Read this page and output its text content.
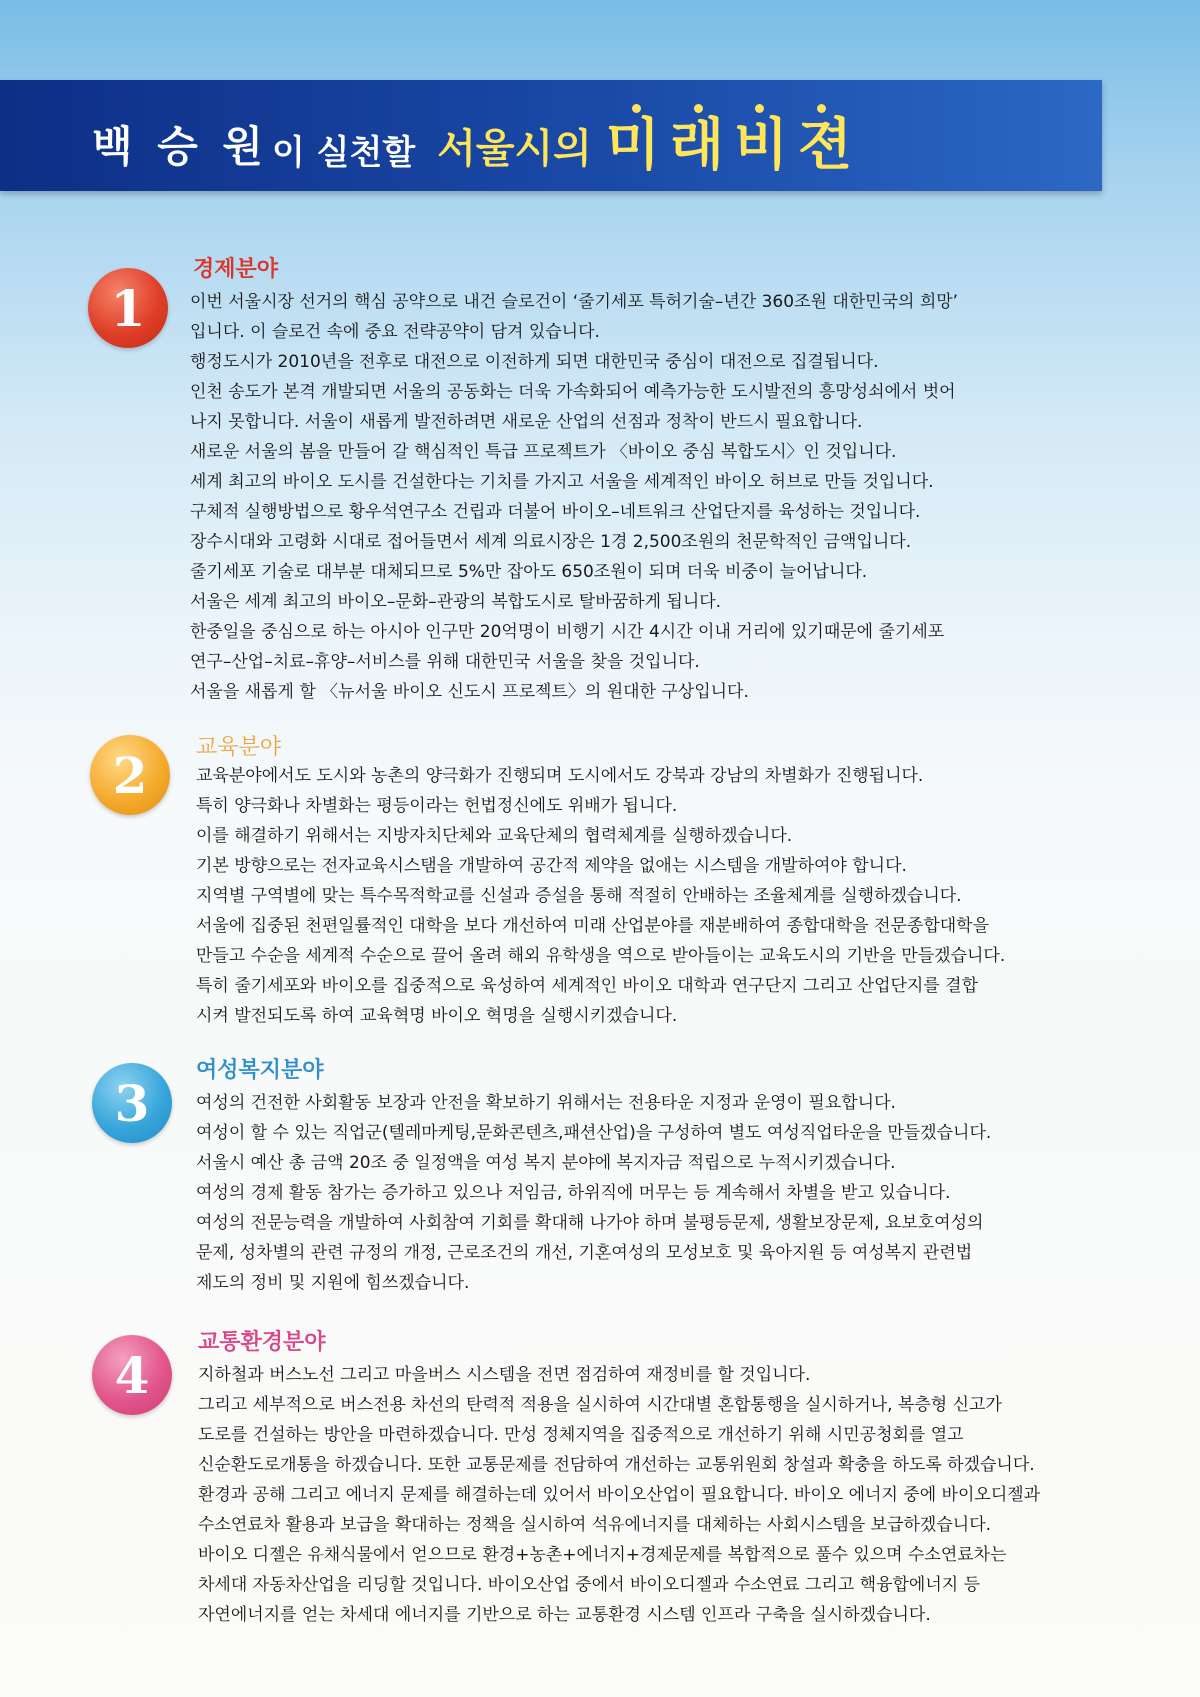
백 승 원 이 실천할 서울시의 미래비젼
1
경제분야
이번 서울시장 선거의 핵심 공약으로 내건 슬로건이 ‘줄기세포 특허기술–년간 360조원 대한민국의 희망’
입니다. 이 슬로건 속에 중요 전략공약이 담겨 있습니다.
행정도시가 2010년을 전후로 대전으로 이전하게 되면 대한민국 중심이 대전으로 집결됩니다.
인천 송도가 본격 개발되면 서울의 공동화는 더욱 가속화되어 예측가능한 도시발전의 흥망성쇠에서 벗어
나지 못합니다. 서울이 새롭게 발전하려면 새로운 산업의 선점과 정착이 반드시 필요합니다.
새로운 서울의 봄을 만들어 갈 핵심적인 특급 프로젝트가 〈바이오 중심 복합도시〉인 것입니다.
세계 최고의 바이오 도시를 건설한다는 기치를 가지고 서울을 세계적인 바이오 허브로 만들 것입니다.
구체적 실행방법으로 황우석연구소 건립과 더불어 바이오–네트워크 산업단지를 육성하는 것입니다.
장수시대와 고령화 시대로 접어들면서 세계 의료시장은 1경 2,500조원의 천문학적인 금액입니다.
줄기세포 기술로 대부분 대체되므로 5%만 잡아도 650조원이 되며 더욱 비중이 늘어납니다.
서울은 세계 최고의 바이오–문화–관광의 복합도시로 탈바꿈하게 됩니다.
한중일을 중심으로 하는 아시아 인구만 20억명이 비행기 시간 4시간 이내 거리에 있기때문에 줄기세포
연구–산업–치료–휴양–서비스를 위해 대한민국 서울을 찾을 것입니다.
서울을 새롭게 할 〈뉴서울 바이오 신도시 프로젝트〉의 원대한 구상입니다.
2	교육분야
교육분야에서도 도시와 농촌의 양극화가 진행되며 도시에서도 강북과 강남의 차별화가 진행됩니다.
특히 양극화나 차별화는 평등이라는 헌법정신에도 위배가 됩니다.
이를 해결하기 위해서는 지방자치단체와 교육단체의 협력체계를 실행하겠습니다.
기본 방향으로는 전자교육시스탬을 개발하여 공간적 제약을 없애는 시스템을 개발하여야 합니다.
지역별 구역별에 맞는 특수목적학교를 신설과 증설을 통해 적절히 안배하는 조율체계를 실행하겠습니다.
서울에 집중된 천편일률적인 대학을 보다 개선하여 미래 산업분야를 재분배하여 종합대학을 전문종합대학을
만들고 수순을 세계적 수순으로 끌어 올려 해외 유학생을 역으로 받아들이는 교육도시의 기반을 만들겠습니다.
특히 줄기세포와 바이오를 집중적으로 육성하여 세계적인 바이오 대학과 연구단지 그리고 산업단지를 결합
시켜 발전되도록 하여 교육혁명 바이오 혁명을 실행시키겠습니다.
3
여성복지분야
여성의 건전한 사회활동 보장과 안전을 확보하기 위해서는 전용타운 지정과 운영이 필요합니다.
여성이 할 수 있는 직업군(텔레마케팅,문화콘텐츠,패션산업)을 구성하여 별도 여성직업타운을 만들겠습니다.
서울시 예산 총 금액 20조 중 일정액을 여성 복지 분야에 복지자금 적립으로 누적시키겠습니다.
여성의 경제 활동 참가는 증가하고 있으나 저임금, 하위직에 머무는 등 계속해서 차별을 받고 있습니다.
여성의 전문능력을 개발하여 사회참여 기회를 확대해 나가야 하며 불평등문제, 생활보장문제, 요보호여성의
문제, 성차별의 관련 규정의 개정, 근로조건의 개선, 기혼여성의 모성보호 및 육아지원 등 여성복지 관련법
제도의 정비 및 지원에 힘쓰겠습니다.
4
교통환경분야
지하철과 버스노선 그리고 마을버스 시스템을 전면 점검하여 재정비를 할 것입니다.
그리고 세부적으로 버스전용 차선의 탄력적 적용을 실시하여 시간대별 혼합통행을 실시하거나, 복층형 신고가
도로를 건설하는 방안을 마련하겠습니다. 만성 정체지역을 집중적으로 개선하기 위해 시민공청회를 열고
신순환도로개통을 하겠습니다. 또한 교통문제를 전담하여 개선하는 교통위원회 창설과 확충을 하도록 하겠습니다.
환경과 공해 그리고 에너지 문제를 해결하는데 있어서 바이오산업이 필요합니다. 바이오 에너지 중에 바이오디젤과
수소연료차 활용과 보급을 확대하는 정책을 실시하여 석유에너지를 대체하는 사회시스템을 보급하겠습니다.
바이오 디젤은 유채식물에서 얻으므로 환경+농촌+에너지+경제문제를 복합적으로 풀수 있으며 수소연료차는
차세대 자동차산업을 리딩할 것입니다. 바이오산업 중에서 바이오디젤과 수소연료 그리고 핵융합에너지 등
자연에너지를 얻는 차세대 에너지를 기반으로 하는 교통환경 시스템 인프라 구축을 실시하겠습니다.
